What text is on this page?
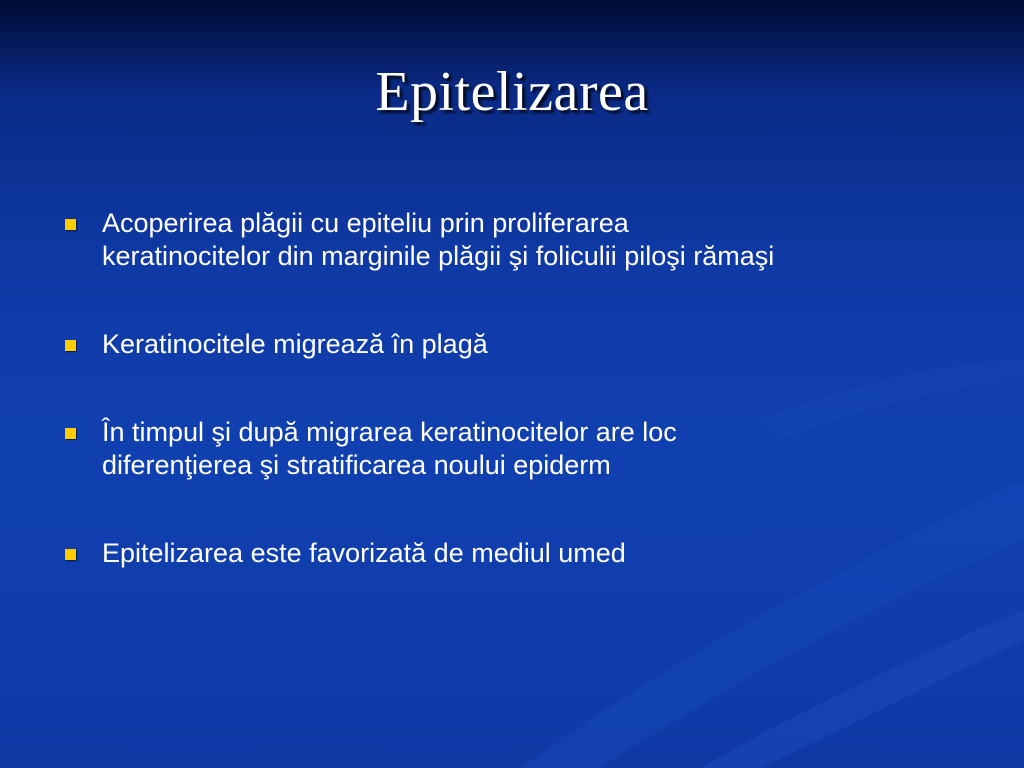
Epitelizarea
Acoperirea plăgii cu epiteliu prin proliferarea
keratinocitelor din marginile plăgii şi foliculii piloşi rămaşi
Keratinocitele migrează în plagă
În timpul şi după migrarea keratinocitelor are loc
diferenţierea şi stratificarea noului epiderm
Epitelizarea este favorizată de mediul umed
